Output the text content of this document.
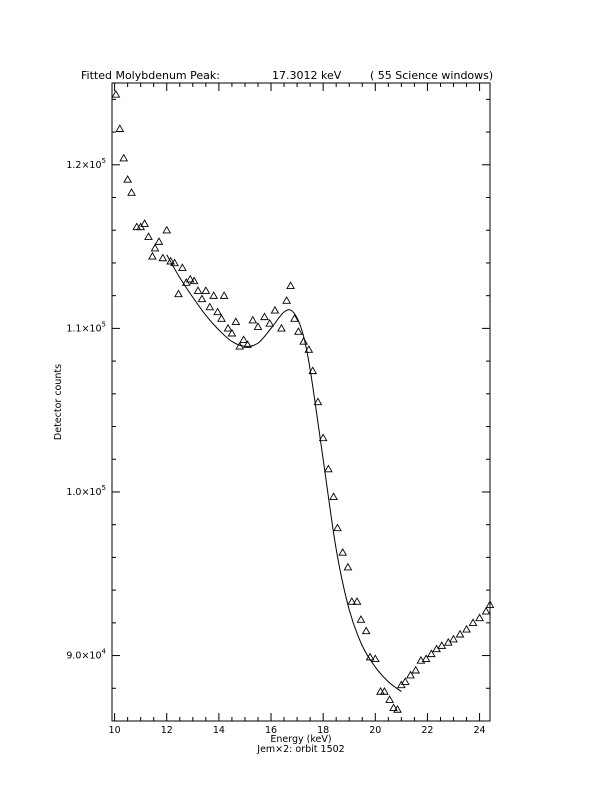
Fitted Molybdenum Peak:	17.3012 keV	( 55 Science windows)
10	12	14	16	18	20	22	24
$9.0\times 10^4$
$1.0\times 10^5$
$1.1\times 10^5$
$1.2\times 10^5$
Energy (keV)
Jem×2: orbit 1502
Detector counts
